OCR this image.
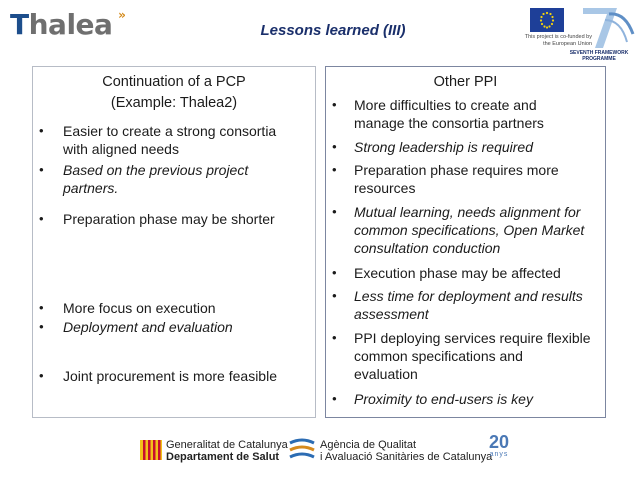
Thalea »
Lessons learned (III)	This project is co-funded by
the European Union
SEVENTH FRAMEWORK
PROGRAMME
Continuation of a PCP
(Example: Thalea2)
•	Easier to create a strong consortia
with aligned needs
•	Based on the previous project
partners.
•	Preparation phase may be shorter
•	More focus on execution
•	Deployment and evaluation
•	Joint procurement is more feasible
Other PPI
•	More difficulties to create and
manage the consortia partners
•	Strong leadership is required
•	Preparation phase requires more
resources
•	Mutual learning, needs alignment for
common specifications, Open Market
consultation conduction
•	Execution phase may be affected
•	Less time for deployment and results
assessment
•	PPI deploying services require flexible
common specifications and
evaluation
•	Proximity to end-users is key
Generalitat de Catalunya
Departament de Salut
Agència de Qualitat
i Avaluació Sanitàries de Catalunya
20
anys
